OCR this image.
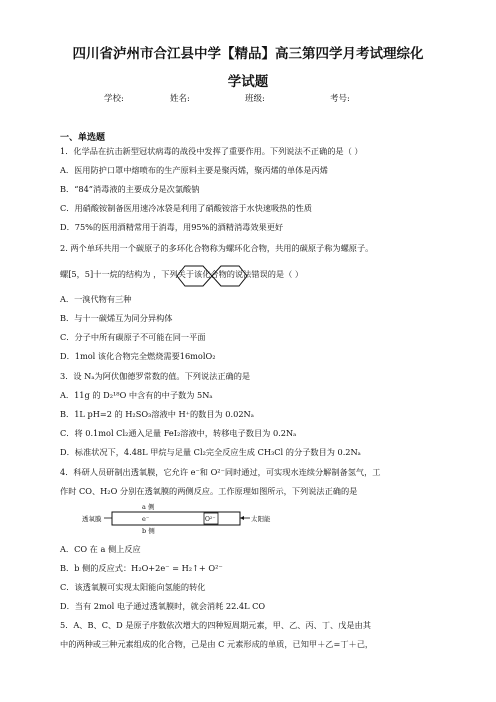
四川省泸州市合江县中学【精品】高三第四学月考试理综化
学试题
学校:	姓名:	班级:	考号:
一、单选题
1．化学品在抗击新型冠状病毒的战役中发挥了重要作用。下列说法不正确的是（ ）
A．医用防护口罩中熔喷布的生产原料主要是聚丙烯，聚丙烯的单体是丙烯
B．“84”消毒液的主要成分是次氯酸钠
C．用硝酸铵制备医用速冷冰袋是利用了硝酸铵溶于水快速吸热的性质
D．75%的医用酒精常用于消毒，用95%的酒精消毒效果更好
2. 两个单环共用一个碳原子的多环化合物称为螺环化合物，共用的碳原子称为螺原子。
螺[5，5]十一烷的结构为 ，下列关于该化合物的说法错误的是（ ）
A．一溴代物有三种
B．与十一碳烯互为同分异构体
C．分子中所有碳原子不可能在同一平面
D．1mol 该化合物完全燃烧需要16molO₂
3．设 Nₐ为阿伏伽德罗常数的值。下列说法正确的是
A．11g 的 D₂¹⁸O 中含有的中子数为 5Nₐ
B．1L pH=2 的 H₂SO₃溶液中 H⁺的数目为 0.02Nₐ
C．将 0.1mol Cl₂通入足量 FeI₂溶液中，转移电子数目为 0.2Nₐ
D．标准状况下，4.48L 甲烷与足量 Cl₂完全反应生成 CH₃Cl 的分子数目为 0.2Nₐ
4．科研人员研制出透氧膜，它允许 e⁻和 O²⁻同时通过，可实现水连续分解制备氢气，工
作时 CO、H₂O 分别在透氧膜的两侧反应。工作原理如图所示，下列说法正确的是
a 侧
透氧膜	e⁻	O²⁻	太阳能
b 侧
A．CO 在 a 侧上反应
B．b 侧的反应式：H₂O+2e⁻ = H₂↑+ O²⁻
C．该透氧膜可实现太阳能向氢能的转化
D．当有 2mol 电子通过透氧膜时，就会消耗 22.4L CO
5．A、B、C、D 是原子序数依次增大的四种短周期元素，甲、乙、丙、丁、戊是由其
中的两种或三种元素组成的化合物，己是由 C 元素形成的单质，已知甲＋乙=丁＋己，
